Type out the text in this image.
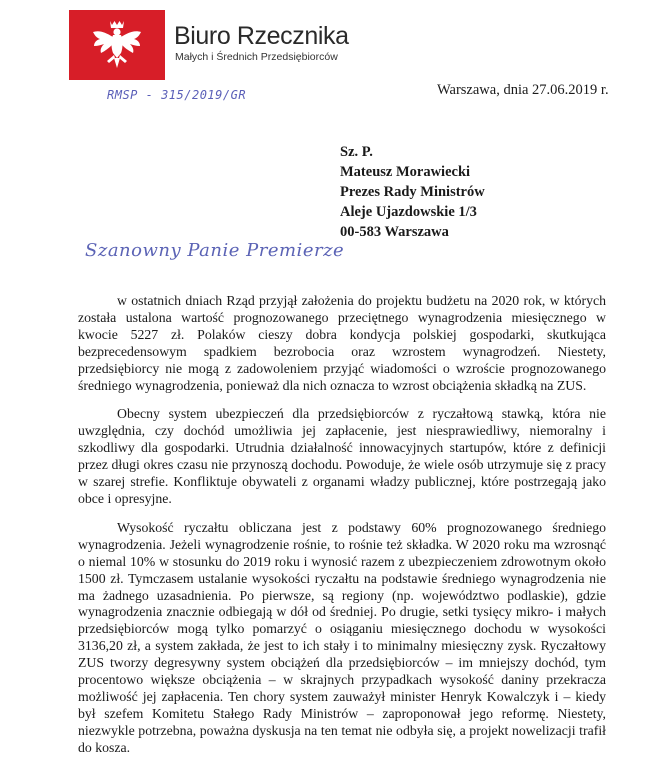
Biuro Rzecznika
Małych i Średnich Przedsiębiorców
RMSP - 315/2019/GR	Warszawa, dnia 27.06.2019 r.
Sz. P.
Mateusz Morawiecki
Prezes Rady Ministrów
Aleje Ujazdowskie 1/3
00-583 Warszawa
Szanowny Panie Premierze

w ostatnich dniach Rząd przyjął założenia do projektu budżetu na 2020 rok, w których została ustalona wartość prognozowanego przeciętnego wynagrodzenia miesięcznego w kwocie 5227 zł. Polaków cieszy dobra kondycja polskiej gospodarki, skutkująca bezprecedensowym spadkiem bezrobocia oraz wzrostem wynagrodzeń. Niestety, przedsiębiorcy nie mogą z zadowoleniem przyjąć wiadomości o wzroście prognozowanego średniego wynagrodzenia, ponieważ dla nich oznacza to wzrost obciążenia składką na ZUS.

Obecny system ubezpieczeń dla przedsiębiorców z ryczałtową stawką, która nie uwzględnia, czy dochód umożliwia jej zapłacenie, jest niesprawiedliwy, niemoralny i szkodliwy dla gospodarki. Utrudnia działalność innowacyjnych startupów, które z definicji przez długi okres czasu nie przynoszą dochodu. Powoduje, że wiele osób utrzymuje się z pracy w szarej strefie. Konfliktuje obywateli z organami władzy publicznej, które postrzegają jako obce i opresyjne.

Wysokość ryczałtu obliczana jest z podstawy 60% prognozowanego średniego wynagrodzenia. Jeżeli wynagrodzenie rośnie, to rośnie też składka. W 2020 roku ma wzrosnąć o niemal 10% w stosunku do 2019 roku i wynosić razem z ubezpieczeniem zdrowotnym około 1500 zł. Tymczasem ustalanie wysokości ryczałtu na podstawie średniego wynagrodzenia nie ma żadnego uzasadnienia. Po pierwsze, są regiony (np. województwo podlaskie), gdzie wynagrodzenia znacznie odbiegają w dół od średniej. Po drugie, setki tysięcy mikro- i małych przedsiębiorców mogą tylko pomarzyć o osiąganiu miesięcznego dochodu w wysokości 3136,20 zł, a system zakłada, że jest to ich stały i to minimalny miesięczny zysk. Ryczałtowy ZUS tworzy degresywny system obciążeń dla przedsiębiorców – im mniejszy dochód, tym procentowo większe obciążenia – w skrajnych przypadkach wysokość daniny przekracza możliwość jej zapłacenia. Ten chory system zauważył minister Henryk Kowalczyk i – kiedy był szefem Komitetu Stałego Rady Ministrów – zaproponował jego reformę. Niestety, niezwykle potrzebna, poważna dyskusja na ten temat nie odbyła się, a projekt nowelizacji trafił do kosza.
